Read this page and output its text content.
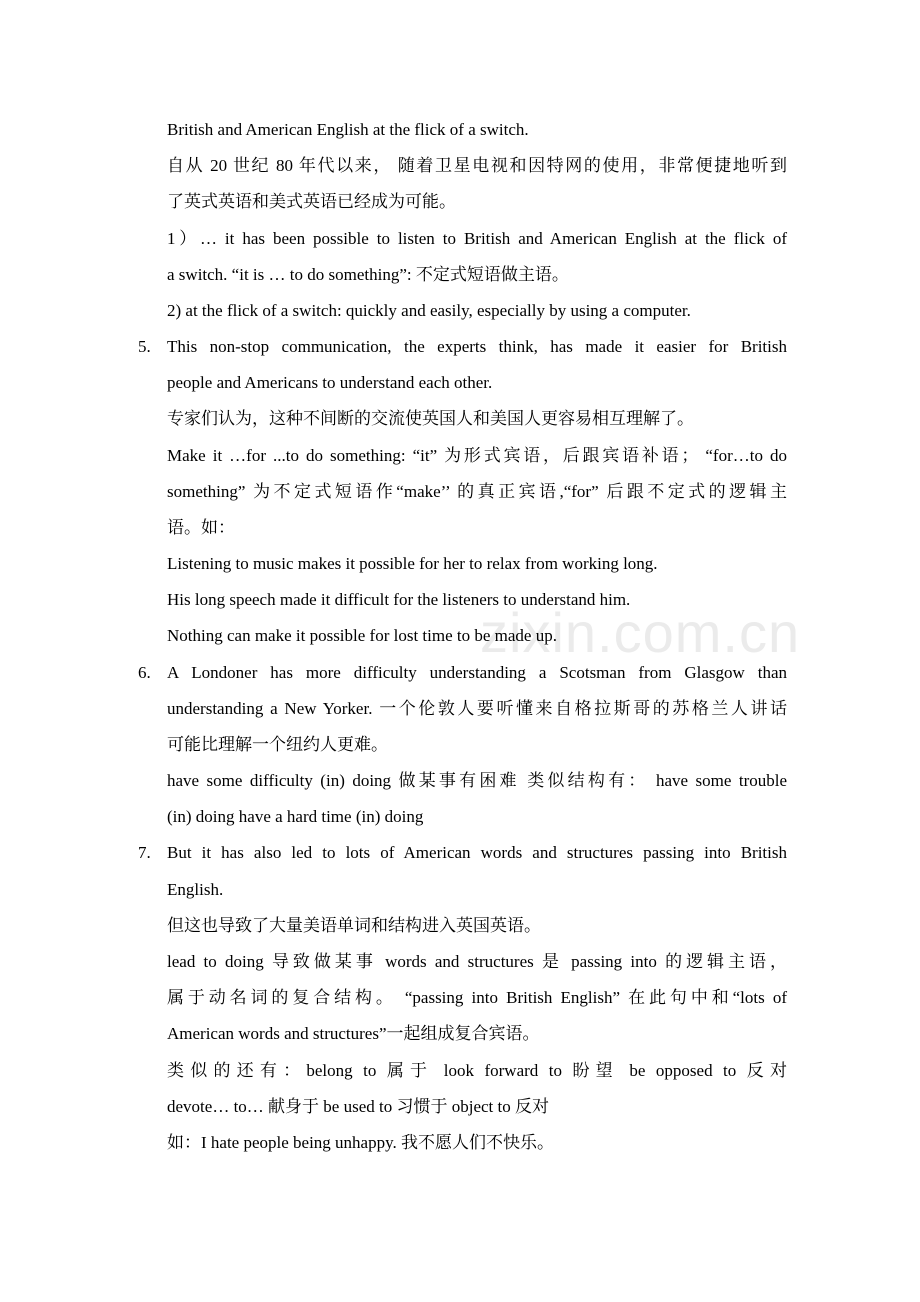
zixin.com.cn
British and American English at the flick of a switch.
自从 20 世纪 80 年代以来， 随着卫星电视和因特网的使用，非常便捷地听到
了英式英语和美式英语已经成为可能。
1）… it has been possible to listen to British and American English at the flick of
a switch. “it is … to do something”: 不定式短语做主语。
2) at the flick of a switch: quickly and easily, especially by using a computer.
5. This non-stop communication, the experts think, has made it easier for British
people and Americans to understand each other.
专家们认为，这种不间断的交流使英国人和美国人更容易相互理解了。
Make it …for ...to do something: “it” 为形式宾语，后跟宾语补语； “for…to do
something” 为不定式短语作“make’’ 的真正宾语,“for” 后跟不定式的逻辑主
语。如：
Listening to music makes it possible for her to relax from working long.
His long speech made it difficult for the listeners to understand him.
Nothing can make it possible for lost time to be made up.
6. A Londoner has more difficulty understanding a Scotsman from Glasgow than
understanding a New Yorker. 一个伦敦人要听懂来自格拉斯哥的苏格兰人讲话
可能比理解一个纽约人更难。
have some difficulty (in) doing 做某事有困难 类似结构有： have some trouble
(in) doing have a hard time (in) doing
7. But it has also led to lots of American words and structures passing into British
English.
但这也导致了大量美语单词和结构进入英国英语。
lead to doing 导致做某事 words and structures 是 passing into 的逻辑主语，
属于动名词的复合结构。 “passing into British English” 在此句中和“lots of
American words and structures”一起组成复合宾语。
类似的还有：belong to 属于 look forward to 盼望 be opposed to 反对
devote… to… 献身于 be used to 习惯于 object to 反对
如：I hate people being unhappy. 我不愿人们不快乐。
